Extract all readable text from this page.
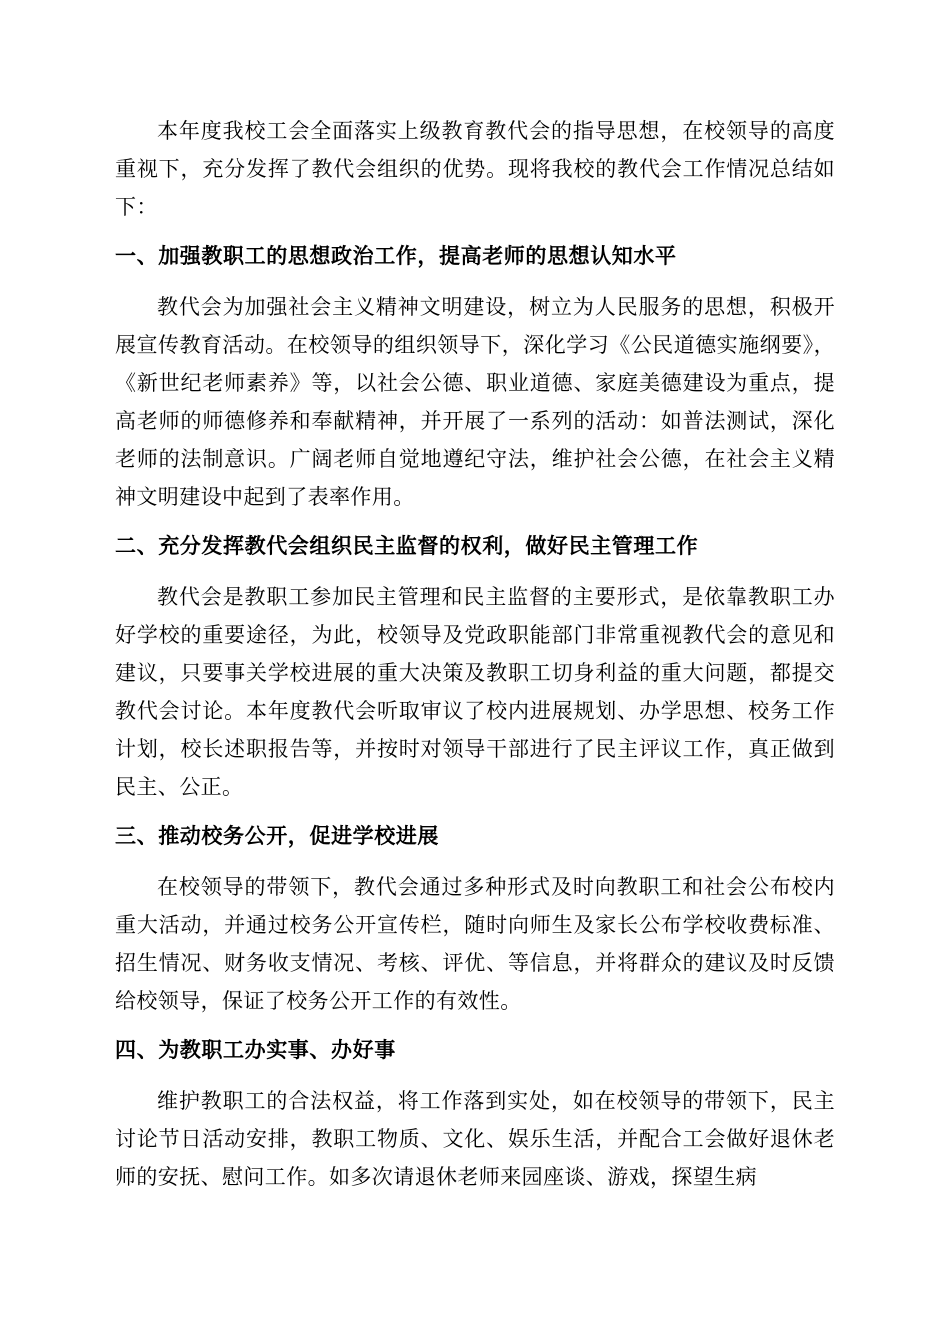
本年度我校工会全面落实上级教育教代会的指导思想，在校领导的高度重视下，充分发挥了教代会组织的优势。现将我校的教代会工作情况总结如下：

一、加强教职工的思想政治工作，提高老师的思想认知水平

教代会为加强社会主义精神文明建设，树立为人民服务的思想，积极开展宣传教育活动。在校领导的组织领导下，深化学习《公民道德实施纲要》，《新世纪老师素养》等，以社会公德、职业道德、家庭美德建设为重点，提高老师的师德修养和奉献精神，并开展了一系列的活动：如普法测试，深化老师的法制意识。广阔老师自觉地遵纪守法，维护社会公德，在社会主义精神文明建设中起到了表率作用。

二、充分发挥教代会组织民主监督的权利，做好民主管理工作

教代会是教职工参加民主管理和民主监督的主要形式，是依靠教职工办好学校的重要途径，为此，校领导及党政职能部门非常重视教代会的意见和建议，只要事关学校进展的重大决策及教职工切身利益的重大问题，都提交教代会讨论。本年度教代会听取审议了校内进展规划、办学思想、校务工作计划，校长述职报告等，并按时对领导干部进行了民主评议工作，真正做到民主、公正。

三、推动校务公开，促进学校进展

在校领导的带领下，教代会通过多种形式及时向教职工和社会公布校内重大活动，并通过校务公开宣传栏，随时向师生及家长公布学校收费标准、招生情况、财务收支情况、考核、评优、等信息，并将群众的建议及时反馈给校领导，保证了校务公开工作的有效性。

四、为教职工办实事、办好事

维护教职工的合法权益，将工作落到实处，如在校领导的带领下，民主讨论节日活动安排，教职工物质、文化、娱乐生活，并配合工会做好退休老师的安抚、慰问工作。如多次请退休老师来园座谈、游戏，探望生病
